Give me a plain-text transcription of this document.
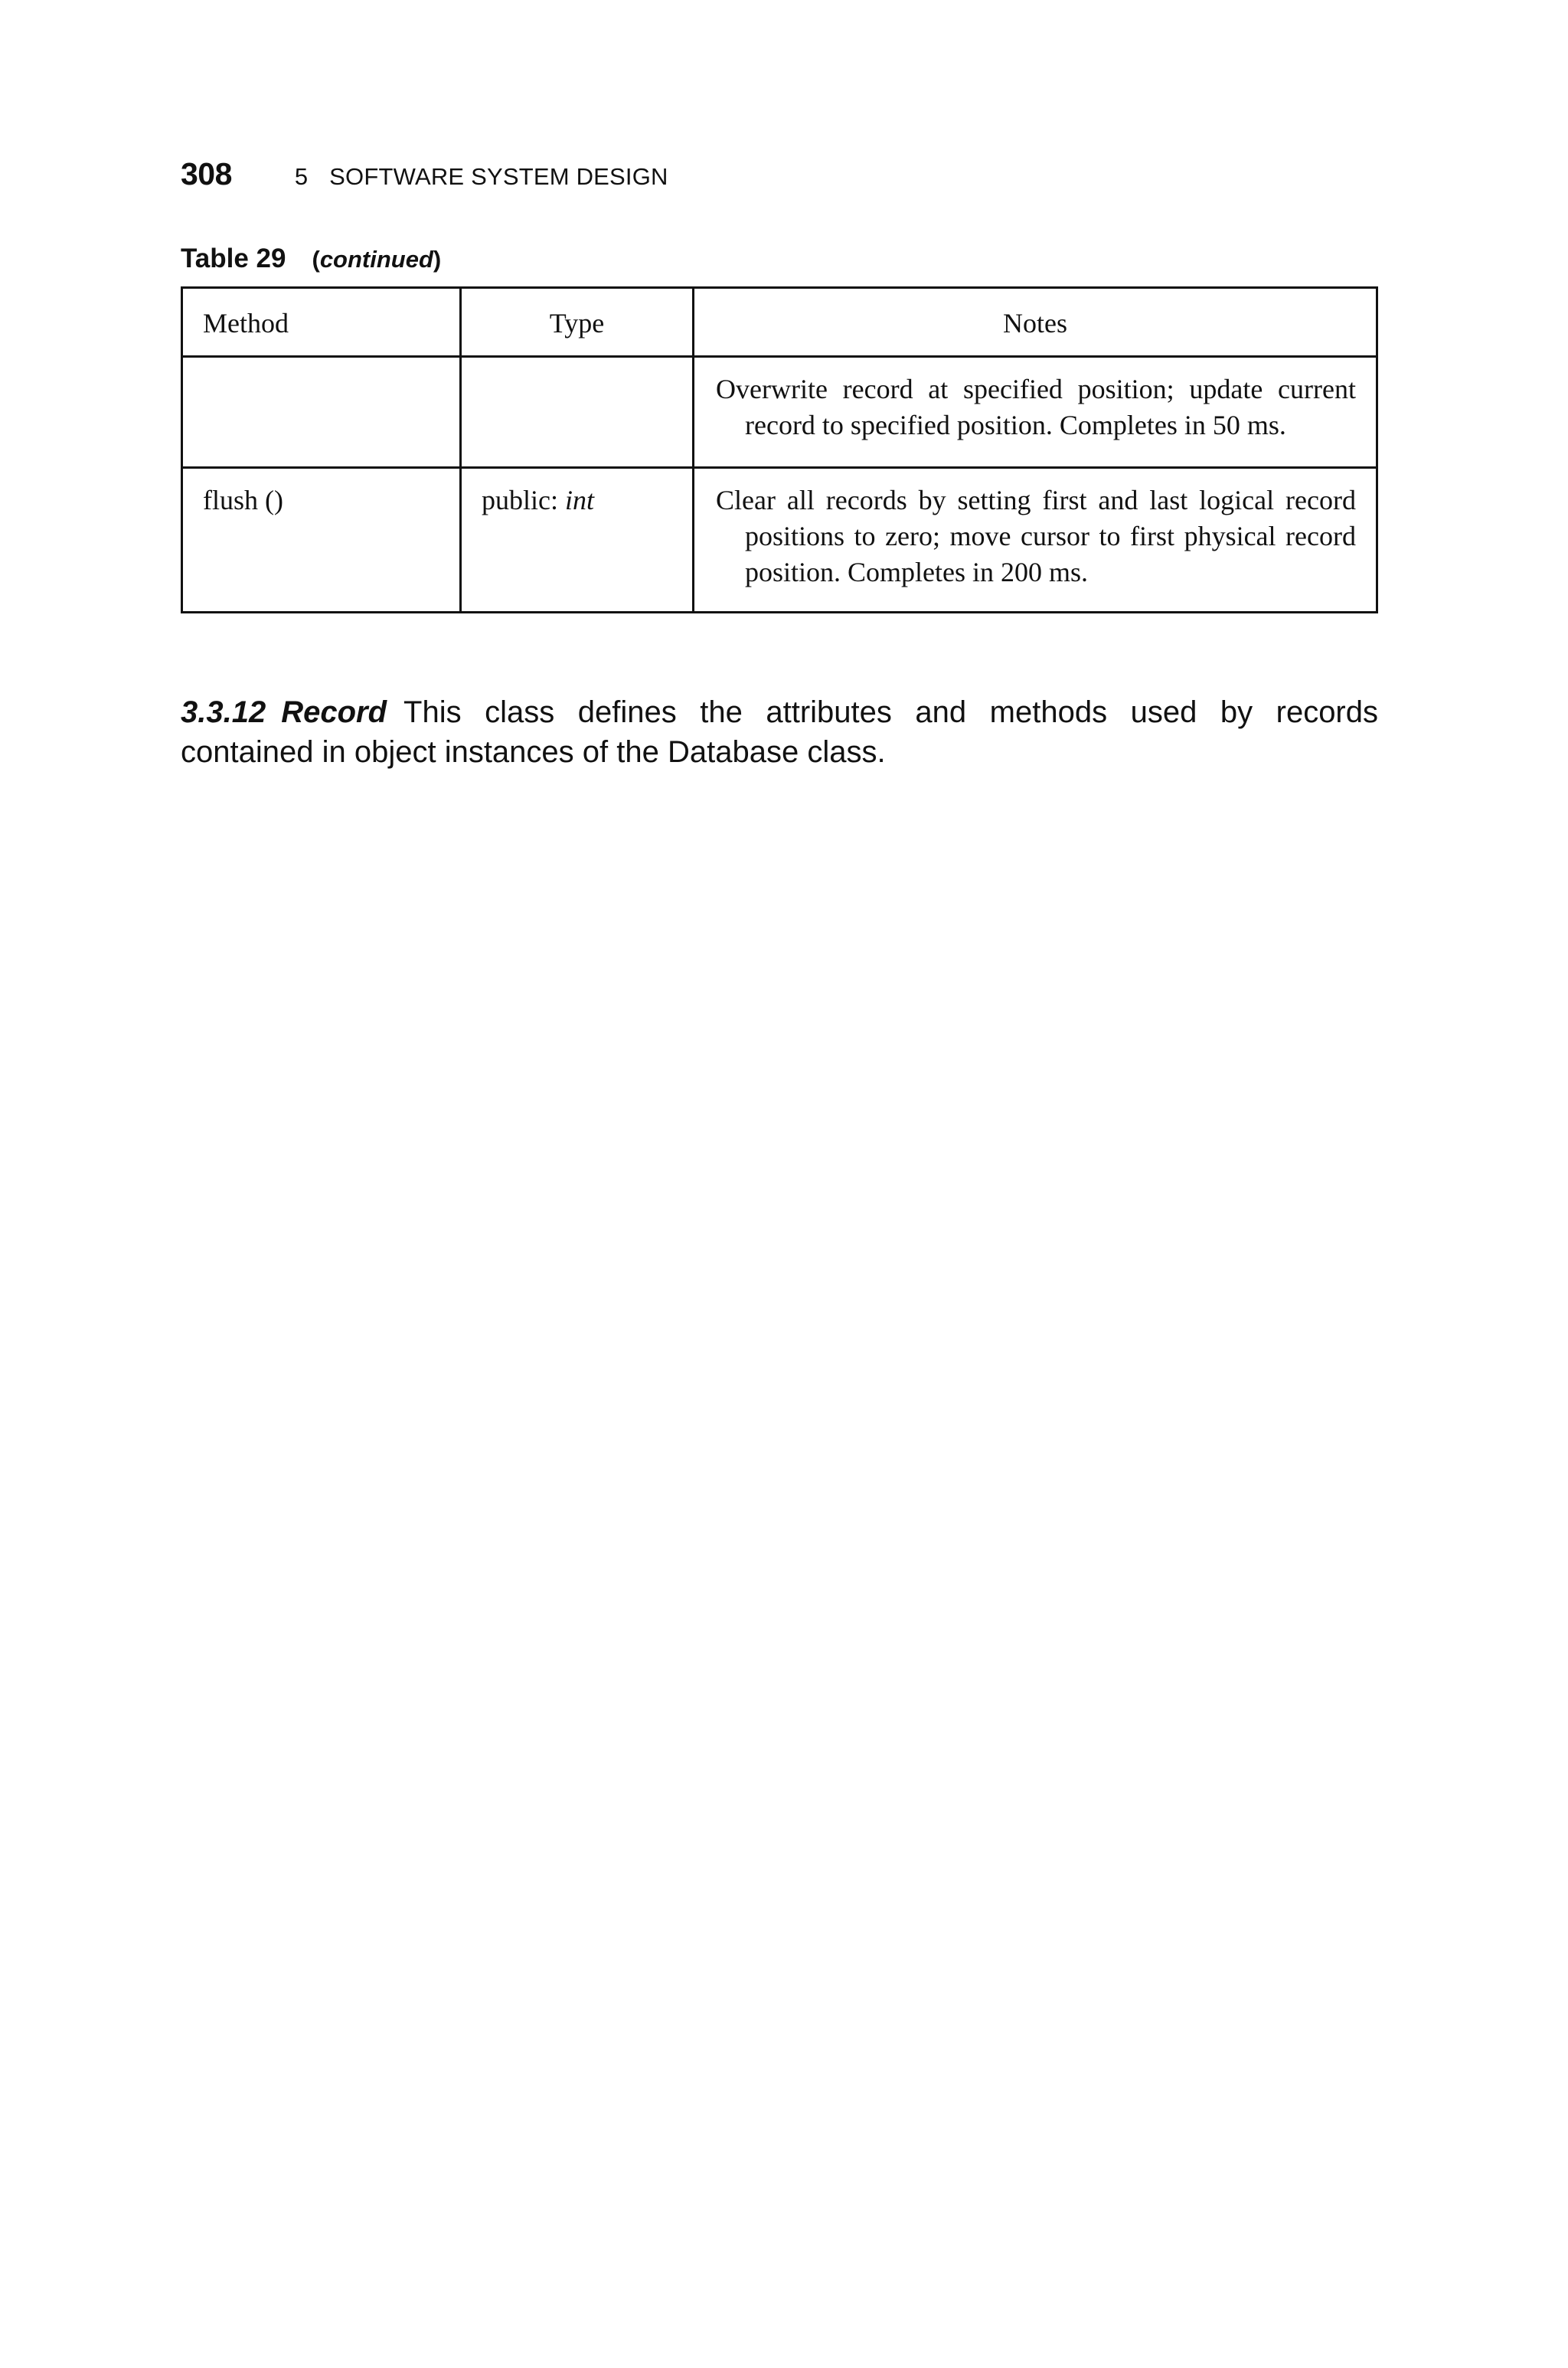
308	5 SOFTWARE SYSTEM DESIGN
Table 29 (continued)
Method	Type	Notes
		Overwrite record at specified position; update current record to specified position. Completes in 50 ms.
flush ()	public: int	Clear all records by setting first and last logical record positions to zero; move cursor to first physical record position. Completes in 200 ms.

3.3.12 Record This class defines the attributes and methods used by records contained in object instances of the Database class.
